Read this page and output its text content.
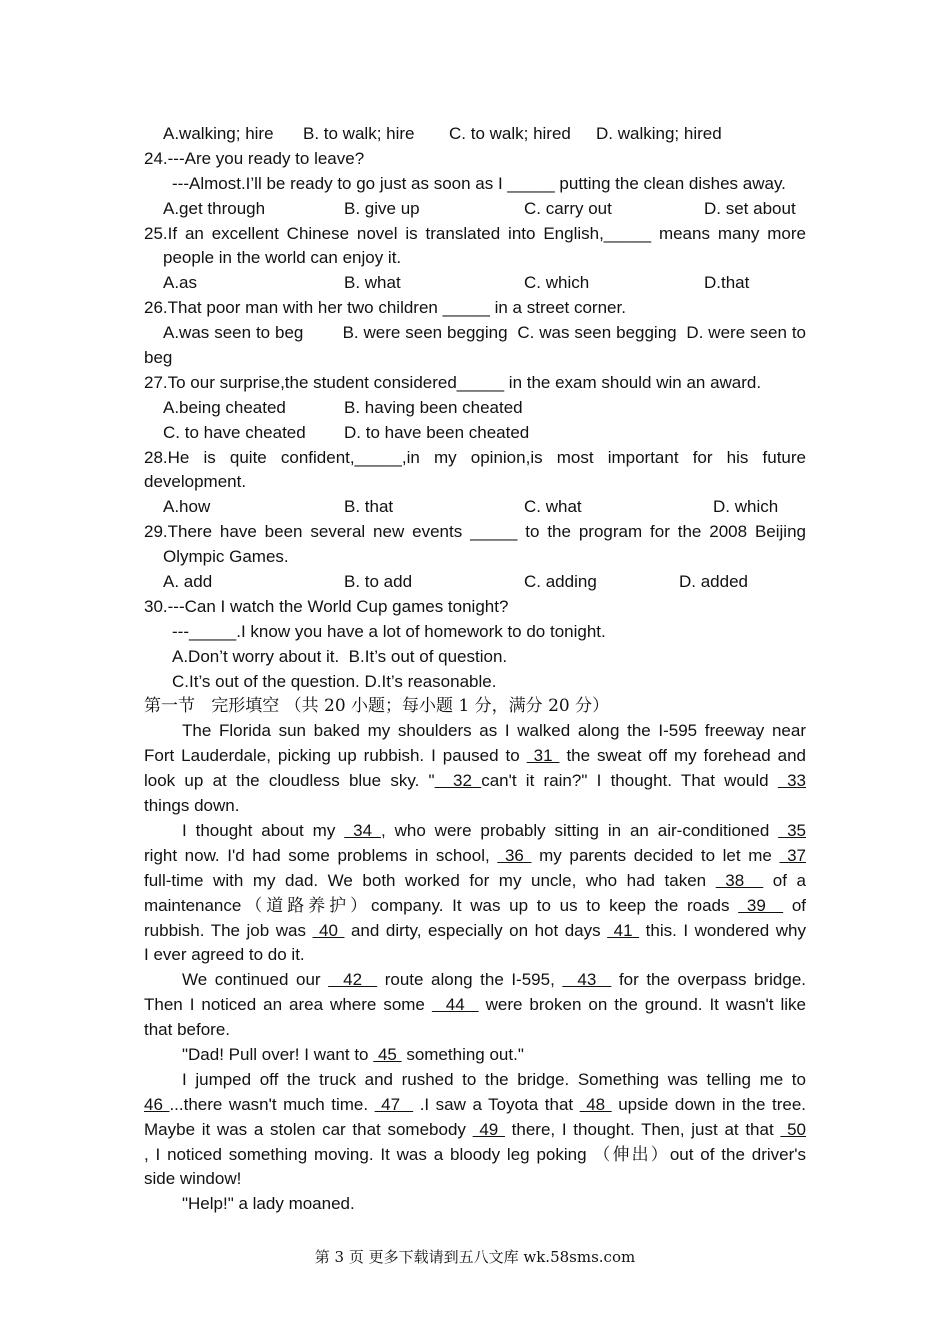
A.walking; hire B. to walk; hire C. to walk; hired D. walking; hired
24.---Are you ready to leave?
---Almost.I’ll be ready to go just as soon as I _____ putting the clean dishes away.
A.get through	B. give up	C. carry out	D. set about
25.If an excellent Chinese novel is translated into English,_____ means many more
people in the world can enjoy it.
A.as	B. what	C. which	D.that
26.That poor man with her two children _____ in a street corner.
A.was seen to beg        B. were seen begging  C. was seen begging  D. were seen to
beg
27.To our surprise,the student considered_____ in the exam should win an award.
A.being cheated	B. having been cheated
C. to have cheated D. to have been cheated
28.He is quite confident,_____,in my opinion,is most important for his future
development.
A.how	B. that	C. what	D. which
29.There have been several new events _____ to the program for the 2008 Beijing
Olympic Games.
A. add	B. to add	C. adding	D. added
30.---Can I watch the World Cup games tonight?
---_____.I know you have a lot of homework to do tonight.
A.Don’t worry about it.  B.It’s out of question.
C.It’s out of the question. D.It’s reasonable.
第一节   完形填空 （共 20 小题；每小题 1 分，满分 20 分）
The Florida sun baked my shoulders as I walked along the I-595 freeway near
Fort Lauderdale, picking up rubbish. I paused to  31  the sweat off my forehead and
look up at the cloudless blue sky. "  32 can't it rain?" I thought. That would  33
things down.
I thought about my  34 , who were probably sitting in an air-conditioned  35
right now. I'd had some problems in school,  36  my parents decided to let me  37
full-time with my dad. We both worked for my uncle, who had taken  38   of a
maintenance（道路养护）company. It was up to us to keep the roads  39   of
rubbish. The job was  40  and dirty, especially on hot days  41  this. I wondered why
I ever agreed to do it.
We continued our   42   route along the I-595,   43   for the overpass bridge.
Then I noticed an area where some   44   were broken on the ground. It wasn't like
that before.
"Dad! Pull over! I want to  45  something out."
I jumped off the truck and rushed to the bridge. Something was telling me to
46 ...there wasn't much time.  47   .I saw a Toyota that  48  upside down in the tree.
Maybe it was a stolen car that somebody  49  there, I thought. Then, just at that  50
, I noticed something moving. It was a bloody leg poking （伸出）out of the driver's
side window!
"Help!" a lady moaned.
第 3 页 更多下载请到五八文库 wk.58sms.com
